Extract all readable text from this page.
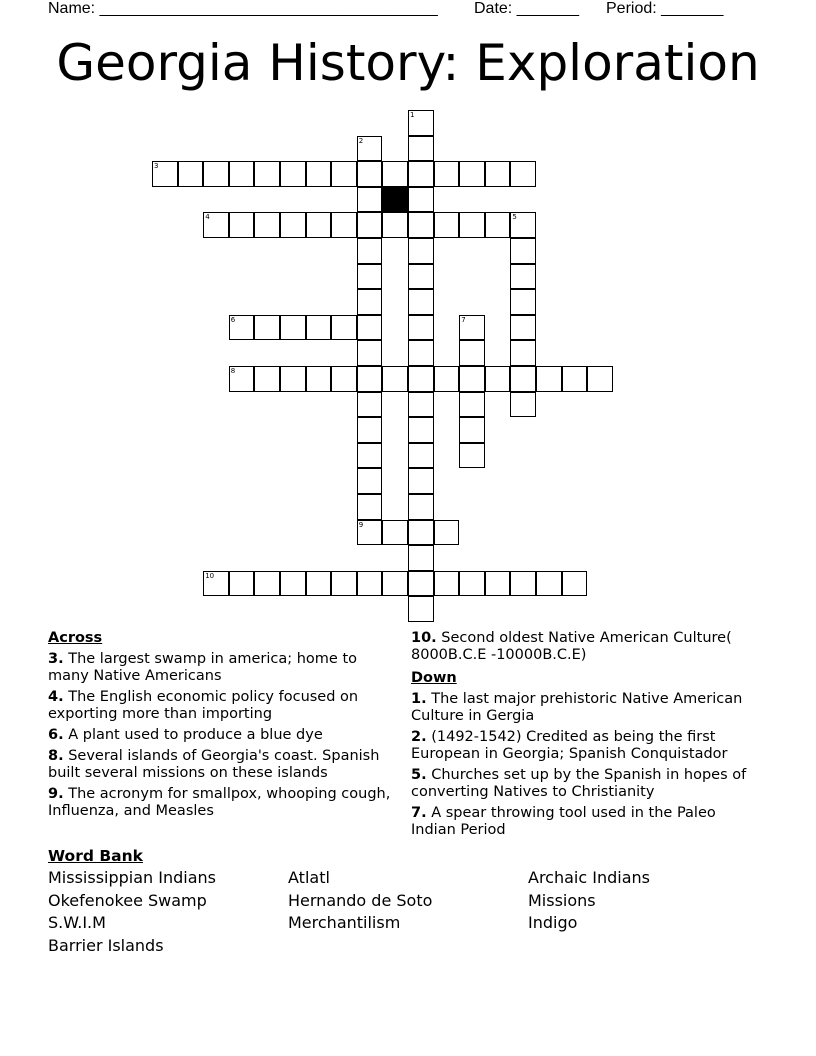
Name: ______________________________________ Date: _______ Period: _______
Georgia History: Exploration
1
2
3
4	5
6	7
8
9
10
Across
3. The largest swamp in america; home to many Native Americans
4. The English economic policy focused on exporting more than importing
6. A plant used to produce a blue dye
8. Several islands of Georgia's coast. Spanish built several missions on these islands
9. The acronym for smallpox, whooping cough, Influenza, and Measles
10. Second oldest Native American Culture( 8000B.C.E -10000B.C.E)
Down
1. The last major prehistoric Native American Culture in Gergia
2. (1492-1542) Credited as being the first European in Georgia; Spanish Conquistador
5. Churches set up by the Spanish in hopes of converting Natives to Christianity
7. A spear throwing tool used in the Paleo Indian Period
Word Bank
Mississippian Indians	Atlatl	Archaic Indians
Okefenokee Swamp	Hernando de Soto	Missions
S.W.I.M	Merchantilism	Indigo
Barrier Islands
